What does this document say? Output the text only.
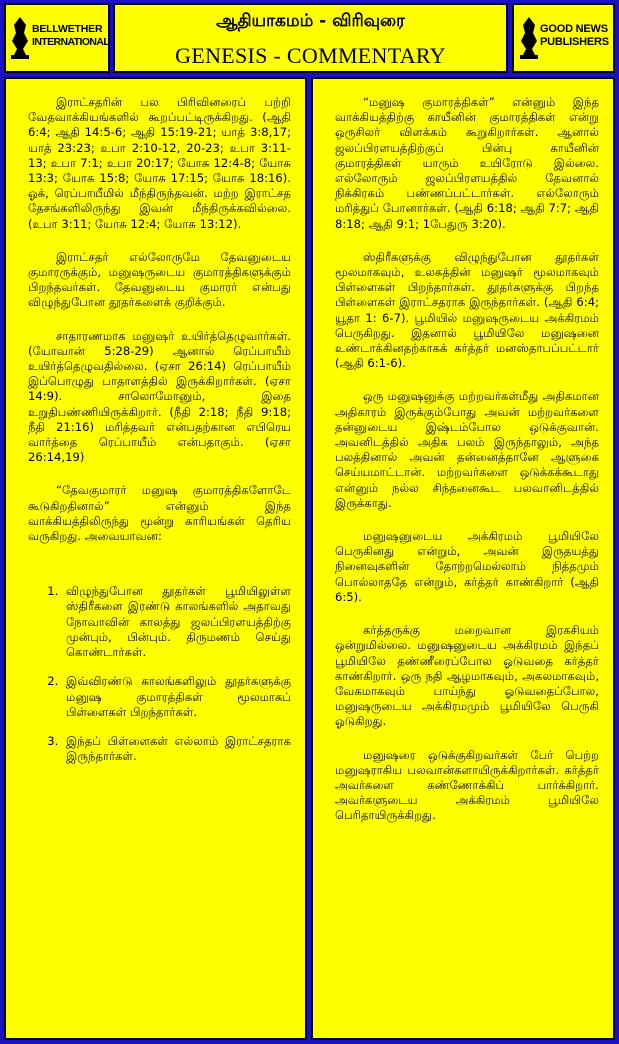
BELLWETHER
INTERNATIONAL
ஆதியாகமம் - விரிவுரை
GENESIS - COMMENTARY
GOOD NEWS
PUBLISHERS

இராட்சதரின் பல பிரிவினரைப் பற்றி வேதவாக்கியங்களில் கூறப்பட்டிருக்கிறது. (ஆதி 6:4; ஆதி 14:5-6; ஆதி 15:19-21; யாத் 3:8,17; யாத் 23:23; உபா 2:10-12, 20-23; உபா 3:11-13; உபா 7:1; உபா 20:17; யோசு 12:4-8; யோசு 13:3; யோசு 15:8; யோசு 17:15; யோசு 18:16). ஓக், ரெப்பாயீமில் மீந்திருந்தவன். மற்ற இராட்சத தேசங்களிலிருந்து இவன் மீந்திருக்கவில்லை. (உபா 3:11; யோசு 12:4; யோசு 13:12).

இராட்சதர் எல்லோருமே தேவனுடைய குமாரருக்கும், மனுஷருடைய குமாரத்திகளுக்கும் பிறந்தவர்கள். தேவனுடைய குமாரர் என்பது விழுந்துபோன தூதர்களைக் குறிக்கும்.

சாதாரணமாக மனுஷர் உயிர்த்தெழுவார்கள். (யோவான் 5:28-29) ஆனால் ரெப்பாயீம் உயிர்த்தெழுவதில்லை. (ஏசா 26:14) ரெப்பாயீம் இப்பொழுது பாதாளத்தில் இருக்கிறார்கள். (ஏசா 14:9). சாலொமோனும், இதை உறுதிபண்ணியிருக்கிறார். (நீதி 2:18; நீதி 9:18; நீதி 21:16) மரித்தவர் என்பதற்கான எபிரெய வார்த்தை ரெப்பாயீம் என்பதாகும். (ஏசா 26:14,19)

“தேவகுமாரர் மனுஷ குமாரத்திகளோடே கூடுகிறதினால்” என்னும் இந்த வாக்கியத்திலிருந்து மூன்று காரியங்கள் தெரிய வருகிறது. அவையாவன:

1. விழுந்துபோன தூதர்கள் பூமியிலுள்ள ஸ்திரீகளை இரண்டு காலங்களில் அதாவது நோவாவின் காலத்து ஜலப்பிரளயத்திற்கு முன்பும், பின்பும். திருமணம் செய்து கொண்டார்கள்.
2. இவ்விரண்டு காலங்களிலும் தூதர்களுக்கு மனுஷ குமாரத்திகள் மூலமாகப் பிள்ளைகள் பிறந்தார்கள்.
3. இந்தப் பிள்ளைகள் எல்லாம் இராட்சதராக இருந்தார்கள்.

“மனுஷ குமாரத்திகள்” என்னும் இந்த வாக்கியத்திற்கு காயீனின் குமாரத்திகள் என்று ஒருசிலர் விளக்கம் கூறுகிறார்கள். ஆனால் ஜலப்பிரளயத்திற்குப் பின்பு காயீனின் குமாரத்திகள் யாரும் உயிரோடு இல்லை. எல்லோரும் ஜலப்பிரளயத்தில் தேவனால் நிக்கிரகம் பண்ணப்பட்டார்கள். எல்லோரும் மரித்துப் போனார்கள். (ஆதி 6:18; ஆதி 7:7; ஆதி 8:18; ஆதி 9:1; 1பேதுரு 3:20).

ஸ்திரீகளுக்கு விழுந்துபோன தூதர்கள் மூலமாகவும், உலகத்தின் மனுஷர் மூலமாகவும் பிள்ளைகள் பிறந்தார்கள். தூதர்களுக்கு பிறந்த பிள்ளைகள் இராட்சதராக இருந்தார்கள். (ஆதி 6:4; யூதா 1: 6-7). பூமியில் மனுஷருடைய அக்கிரமம் பெருகிறது. இதனால் பூமியிலே மனுஷனை உண்டாக்கினதற்காகக் கர்த்தர் மனஸ்தாபப்பட்டார் (ஆதி 6:1-6).

ஒரு மனுஷனுக்கு மற்றவர்கள்மீது அதிகமான அதிகாரம் இருக்கும்போது அவன் மற்றவர்களை தன்னுடைய இஷ்டம்போல ஒடுக்குவான். அவனிடத்தில் அதிக பலம் இருந்தாலும், அந்த பலத்தினால் அவன் தன்னைத்தானே ஆளுகை செய்யமாட்டான். மற்றவர்களை ஒடுக்கக்கூடாது என்னும் நல்ல சிந்தனைகூட பலவானிடத்தில் இருக்காது.

மனுஷனுடைய அக்கிரமம் பூமியிலே பெருகினது என்றும், அவன் இருதயத்து நினைவுகளின் தோற்றமெல்லாம் நித்தமும் பொல்லாததே என்றும், கர்த்தர் காண்கிறார் (ஆதி 6:5).

கர்த்தருக்கு மறைவான இரகசியம் ஒன்றுமில்லை. மனுஷனுடைய அக்கிரமம் இந்தப் பூமியிலே தண்ணீரைப்போல ஓடுவதை கர்த்தர் காண்கிறார். ஒரு நதி ஆழமாகவும், அகலமாகவும், வேகமாகவும் பாய்ந்து ஓடுவதைப்போல, மனுஷருடைய அக்கிரமமும் பூமியிலே பெருகி ஓடுகிறது.

மனுஷரை ஒடுக்குகிறவர்கள் பேர் பெற்ற மனுஷராகிய பலவான்களாயிருக்கிறார்கள். கர்த்தர் அவர்களை கண்ணோக்கிப் பார்க்கிறார். அவர்களுடைய அக்கிரமம் பூமியிலே பெரிதாயிருக்கிறது.
